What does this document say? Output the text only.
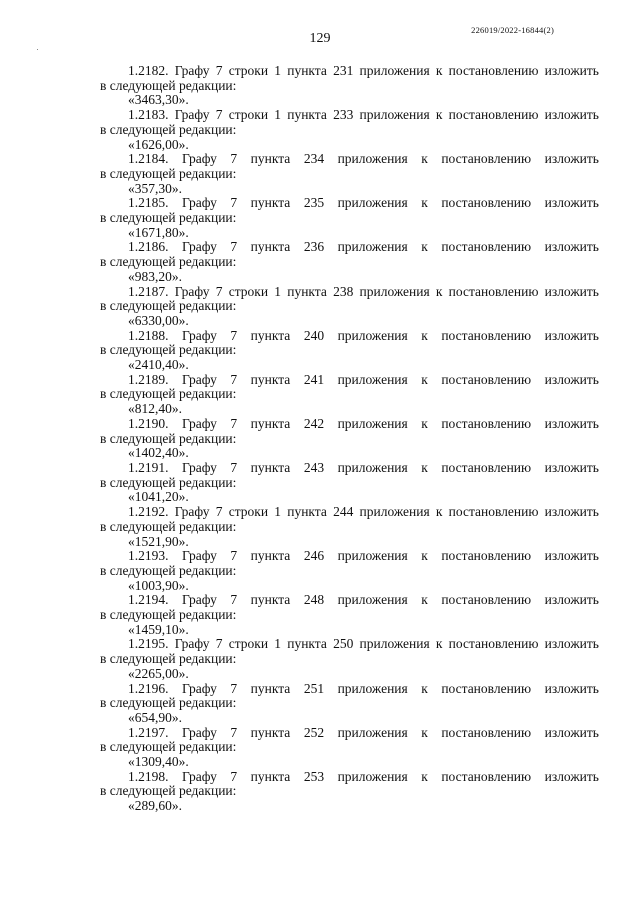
129
226019/2022-16844(2)
1.2182. Графу 7 строки 1 пункта 231 приложения к постановлению изложить
в следующей редакции:
«3463,30».
1.2183. Графу 7 строки 1 пункта 233 приложения к постановлению изложить
в следующей редакции:
«1626,00».
1.2184. Графу 7 пункта 234 приложения к постановлению изложить
в следующей редакции:
«357,30».
1.2185. Графу 7 пункта 235 приложения к постановлению изложить
в следующей редакции:
«1671,80».
1.2186. Графу 7 пункта 236 приложения к постановлению изложить
в следующей редакции:
«983,20».
1.2187. Графу 7 строки 1 пункта 238 приложения к постановлению изложить
в следующей редакции:
«6330,00».
1.2188. Графу 7 пункта 240 приложения к постановлению изложить
в следующей редакции:
«2410,40».
1.2189. Графу 7 пункта 241 приложения к постановлению изложить
в следующей редакции:
«812,40».
1.2190. Графу 7 пункта 242 приложения к постановлению изложить
в следующей редакции:
«1402,40».
1.2191. Графу 7 пункта 243 приложения к постановлению изложить
в следующей редакции:
«1041,20».
1.2192. Графу 7 строки 1 пункта 244 приложения к постановлению изложить
в следующей редакции:
«1521,90».
1.2193. Графу 7 пункта 246 приложения к постановлению изложить
в следующей редакции:
«1003,90».
1.2194. Графу 7 пункта 248 приложения к постановлению изложить
в следующей редакции:
«1459,10».
1.2195. Графу 7 строки 1 пункта 250 приложения к постановлению изложить
в следующей редакции:
«2265,00».
1.2196. Графу 7 пункта 251 приложения к постановлению изложить
в следующей редакции:
«654,90».
1.2197. Графу 7 пункта 252 приложения к постановлению изложить
в следующей редакции:
«1309,40».
1.2198. Графу 7 пункта 253 приложения к постановлению изложить
в следующей редакции:
«289,60».
